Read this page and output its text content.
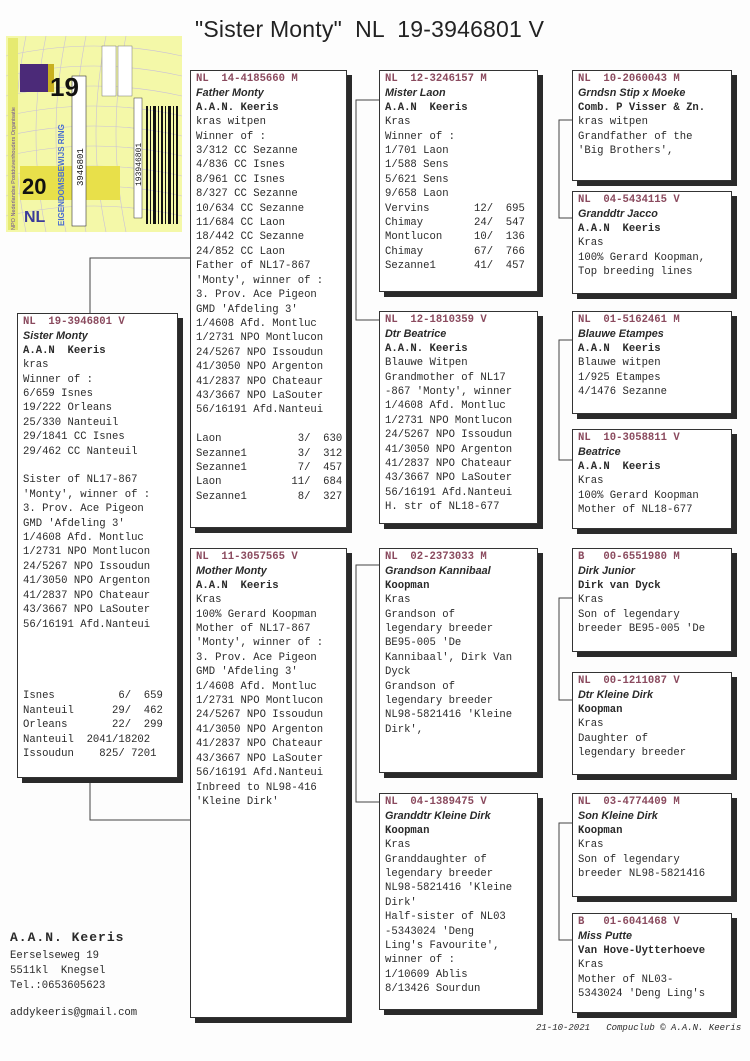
"Sister Monty"  NL  19-3946801 V
19
20
NL
3946801	193946801
EIGENDOMSBEWIJS RING
NPO Nederlandse Postduivenhouders Organisatie
NL  19-3946801 V
Sister Monty
A.A.N  Keeris
kras
Winner of :
6/659 Isnes
19/222 Orleans
25/330 Nanteuil
29/1841 CC Isnes
29/462 CC Nanteuil
Sister of NL17-867
'Monty', winner of :
3. Prov. Ace Pigeon
GMD 'Afdeling 3'
1/4608 Afd. Montluc
1/2731 NPO Montlucon
24/5267 NPO Issoudun
41/3050 NPO Argenton
41/2837 NPO Chateaur
43/3667 NPO LaSouter
56/16191 Afd.Nanteui
Isnes          6/  659
Nanteuil      29/  462
Orleans       22/  299
Nanteuil  2041/18202
Issoudun    825/ 7201
NL  14-4185660 M
Father Monty
A.A.N. Keeris
kras witpen
Winner of :
3/312 CC Sezanne
4/836 CC Isnes
8/961 CC Isnes
8/327 CC Sezanne
10/634 CC Sezanne
11/684 CC Laon
18/442 CC Sezanne
24/852 CC Laon
Father of NL17-867
'Monty', winner of :
3. Prov. Ace Pigeon
GMD 'Afdeling 3'
1/4608 Afd. Montluc
1/2731 NPO Montlucon
24/5267 NPO Issoudun
41/3050 NPO Argenton
41/2837 NPO Chateaur
43/3667 NPO LaSouter
56/16191 Afd.Nanteui
Laon            3/  630
Sezanne1        3/  312
Sezanne1        7/  457
Laon           11/  684
Sezanne1        8/  327
NL  11-3057565 V
Mother Monty
A.A.N  Keeris
Kras
100% Gerard Koopman
Mother of NL17-867
'Monty', winner of :
3. Prov. Ace Pigeon
GMD 'Afdeling 3'
1/4608 Afd. Montluc
1/2731 NPO Montlucon
24/5267 NPO Issoudun
41/3050 NPO Argenton
41/2837 NPO Chateaur
43/3667 NPO LaSouter
56/16191 Afd.Nanteui
Inbreed to NL98-416
'Kleine Dirk'
NL  12-3246157 M
Mister Laon
A.A.N  Keeris
Kras
Winner of :
1/701 Laon
1/588 Sens
5/621 Sens
9/658 Laon
Vervins       12/  695
Chimay        24/  547
Montlucon     10/  136
Chimay        67/  766
Sezanne1      41/  457
NL  12-1810359 V
Dtr Beatrice
A.A.N. Keeris
Blauwe Witpen
Grandmother of NL17
-867 'Monty', winner
1/4608 Afd. Montluc
1/2731 NPO Montlucon
24/5267 NPO Issoudun
41/3050 NPO Argenton
41/2837 NPO Chateaur
43/3667 NPO LaSouter
56/16191 Afd.Nanteui
H. str of NL18-677
NL  02-2373033 M
Grandson Kannibaal
Koopman
Kras
Grandson of
legendary breeder
BE95-005 'De
Kannibaal', Dirk Van
Dyck
Grandson of
legendary breeder
NL98-5821416 'Kleine
Dirk',
NL  04-1389475 V
Granddtr Kleine Dirk
Koopman
Kras
Granddaughter of
legendary breeder
NL98-5821416 'Kleine
Dirk'
Half-sister of NL03
-5343024 'Deng
Ling's Favourite',
winner of :
1/10609 Ablis
8/13426 Sourdun
NL  10-2060043 M
Grndsn Stip x Moeke
Comb. P Visser & Zn.
kras witpen
Grandfather of the
'Big Brothers',
NL  04-5434115 V
Granddtr Jacco
A.A.N  Keeris
Kras
100% Gerard Koopman,
Top breeding lines
NL  01-5162461 M
Blauwe Etampes
A.A.N  Keeris
Blauwe witpen
1/925 Etampes
4/1476 Sezanne
NL  10-3058811 V
Beatrice
A.A.N  Keeris
Kras
100% Gerard Koopman
Mother of NL18-677
B   00-6551980 M
Dirk Junior
Dirk van Dyck
Kras
Son of legendary
breeder BE95-005 'De
NL  00-1211087 V
Dtr Kleine Dirk
Koopman
Kras
Daughter of
legendary breeder
NL  03-4774409 M
Son Kleine Dirk
Koopman
Kras
Son of legendary
breeder NL98-5821416
B   01-6041468 V
Miss Putte
Van Hove-Uytterhoeve
Kras
Mother of NL03-
5343024 'Deng Ling's
A.A.N. Keeris
Eerselseweg 19
5511kl  Knegsel
Tel.:0653605623
addykeeris@gmail.com
21-10-2021   Compuclub © A.A.N. Keeris
